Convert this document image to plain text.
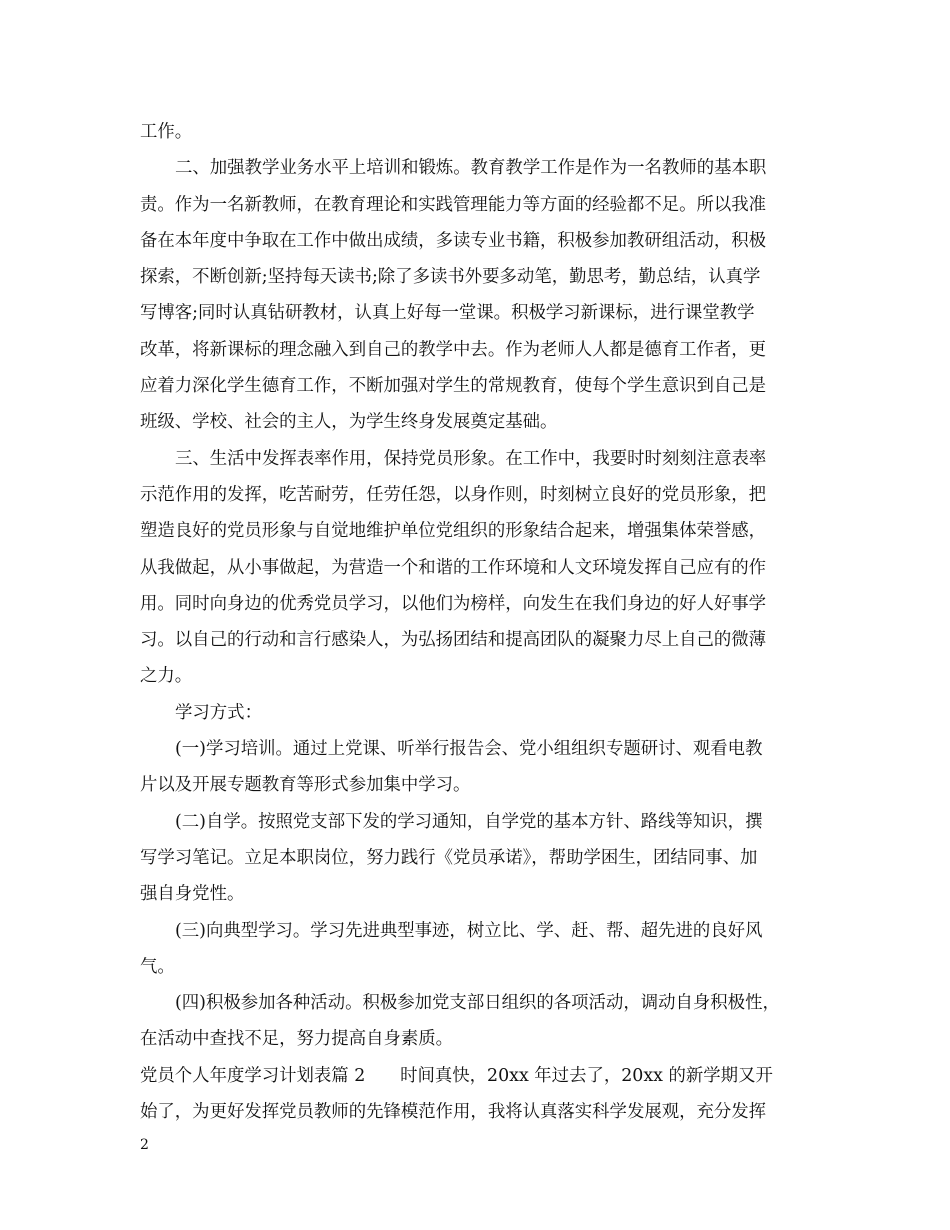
工作。
二、加强教学业务水平上培训和锻炼。教育教学工作是作为一名教师的基本职
责。作为一名新教师，在教育理论和实践管理能力等方面的经验都不足。所以我准
备在本年度中争取在工作中做出成绩，多读专业书籍，积极参加教研组活动，积极
探索，不断创新;坚持每天读书;除了多读书外要多动笔，勤思考，勤总结，认真学
写博客;同时认真钻研教材，认真上好每一堂课。积极学习新课标，进行课堂教学
改革，将新课标的理念融入到自己的教学中去。作为老师人人都是德育工作者，更
应着力深化学生德育工作，不断加强对学生的常规教育，使每个学生意识到自己是
班级、学校、社会的主人，为学生终身发展奠定基础。
三、生活中发挥表率作用，保持党员形象。在工作中，我要时时刻刻注意表率
示范作用的发挥，吃苦耐劳，任劳任怨，以身作则，时刻树立良好的党员形象，把
塑造良好的党员形象与自觉地维护单位党组织的形象结合起来，增强集体荣誉感，
从我做起，从小事做起，为营造一个和谐的工作环境和人文环境发挥自己应有的作
用。同时向身边的优秀党员学习，以他们为榜样，向发生在我们身边的好人好事学
习。以自己的行动和言行感染人，为弘扬团结和提高团队的凝聚力尽上自己的微薄
之力。
学习方式：
(一)学习培训。通过上党课、听举行报告会、党小组组织专题研讨、观看电教
片以及开展专题教育等形式参加集中学习。
(二)自学。按照党支部下发的学习通知，自学党的基本方针、路线等知识，撰
写学习笔记。立足本职岗位，努力践行《党员承诺》，帮助学困生，团结同事、加
强自身党性。
(三)向典型学习。学习先进典型事迹，树立比、学、赶、帮、超先进的良好风
气。
(四)积极参加各种活动。积极参加党支部日组织的各项活动，调动自身积极性，
在活动中查找不足，努力提高自身素质。
党员个人年度学习计划表篇 2　　时间真快，20xx 年过去了，20xx 的新学期又开
始了，为更好发挥党员教师的先锋模范作用，我将认真落实科学发展观，充分发挥
2
